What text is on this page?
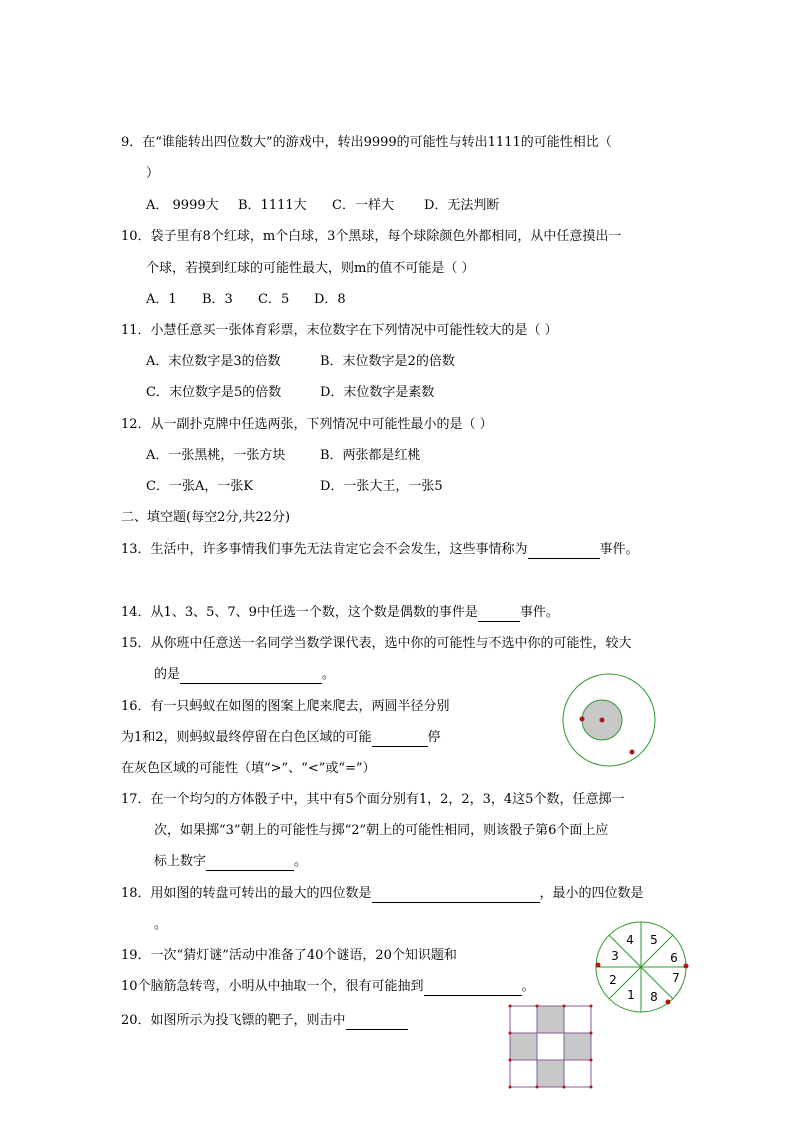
9．在“谁能转出四位数大”的游戏中，转出9999的可能性与转出1111的可能性相比（
）
A． 9999大 B．1111大 C．一样大 D．无法判断
10．袋子里有8个红球，m个白球，3个黑球，每个球除颜色外都相同，从中任意摸出一
个球，若摸到红球的可能性最大，则m的值不可能是（ ）
A．1 B．3 C．5 D．8
11．小慧任意买一张体育彩票，末位数字在下列情况中可能性较大的是（ ）
A．末位数字是3的倍数	B．末位数字是2的倍数
C．末位数字是5的倍数	D．末位数字是素数
12．从一副扑克牌中任选两张，下列情况中可能性最小的是（ ）
A．一张黑桃，一张方块	B．两张都是红桃
C．一张A，一张K	D．一张大王，一张5
二、填空题(每空2分,共22分)
13．生活中，许多事情我们事先无法肯定它会不会发生，这些事情称为	事件。
14．从1、3、5、7、9中任选一个数，这个数是偶数的事件是	事件。
15．从你班中任意送一名同学当数学课代表，选中你的可能性与不选中你的可能性，较大
的是	。
16．有一只蚂蚁在如图的图案上爬来爬去，两圆半径分别
为1和2，则蚂蚁最终停留在白色区域的可能	停
在灰色区域的可能性（填“>”、“<”或“=”）
17．在一个均匀的方体骰子中，其中有5个面分别有1，2，2，3，4这5个数，任意掷一
次，如果掷“3”朝上的可能性与掷“2”朝上的可能性相同，则该骰子第6个面上应
标上数字	。
18．用如图的转盘可转出的最大的四位数是	，最小的四位数是
。
19．一次“猜灯谜”活动中准备了40个谜语，20个知识题和
10个脑筋急转弯，小明从中抽取一个，很有可能抽到	。
4 5
3	6
2	7
1 8
20．如图所示为投飞镖的靶子，则击中
